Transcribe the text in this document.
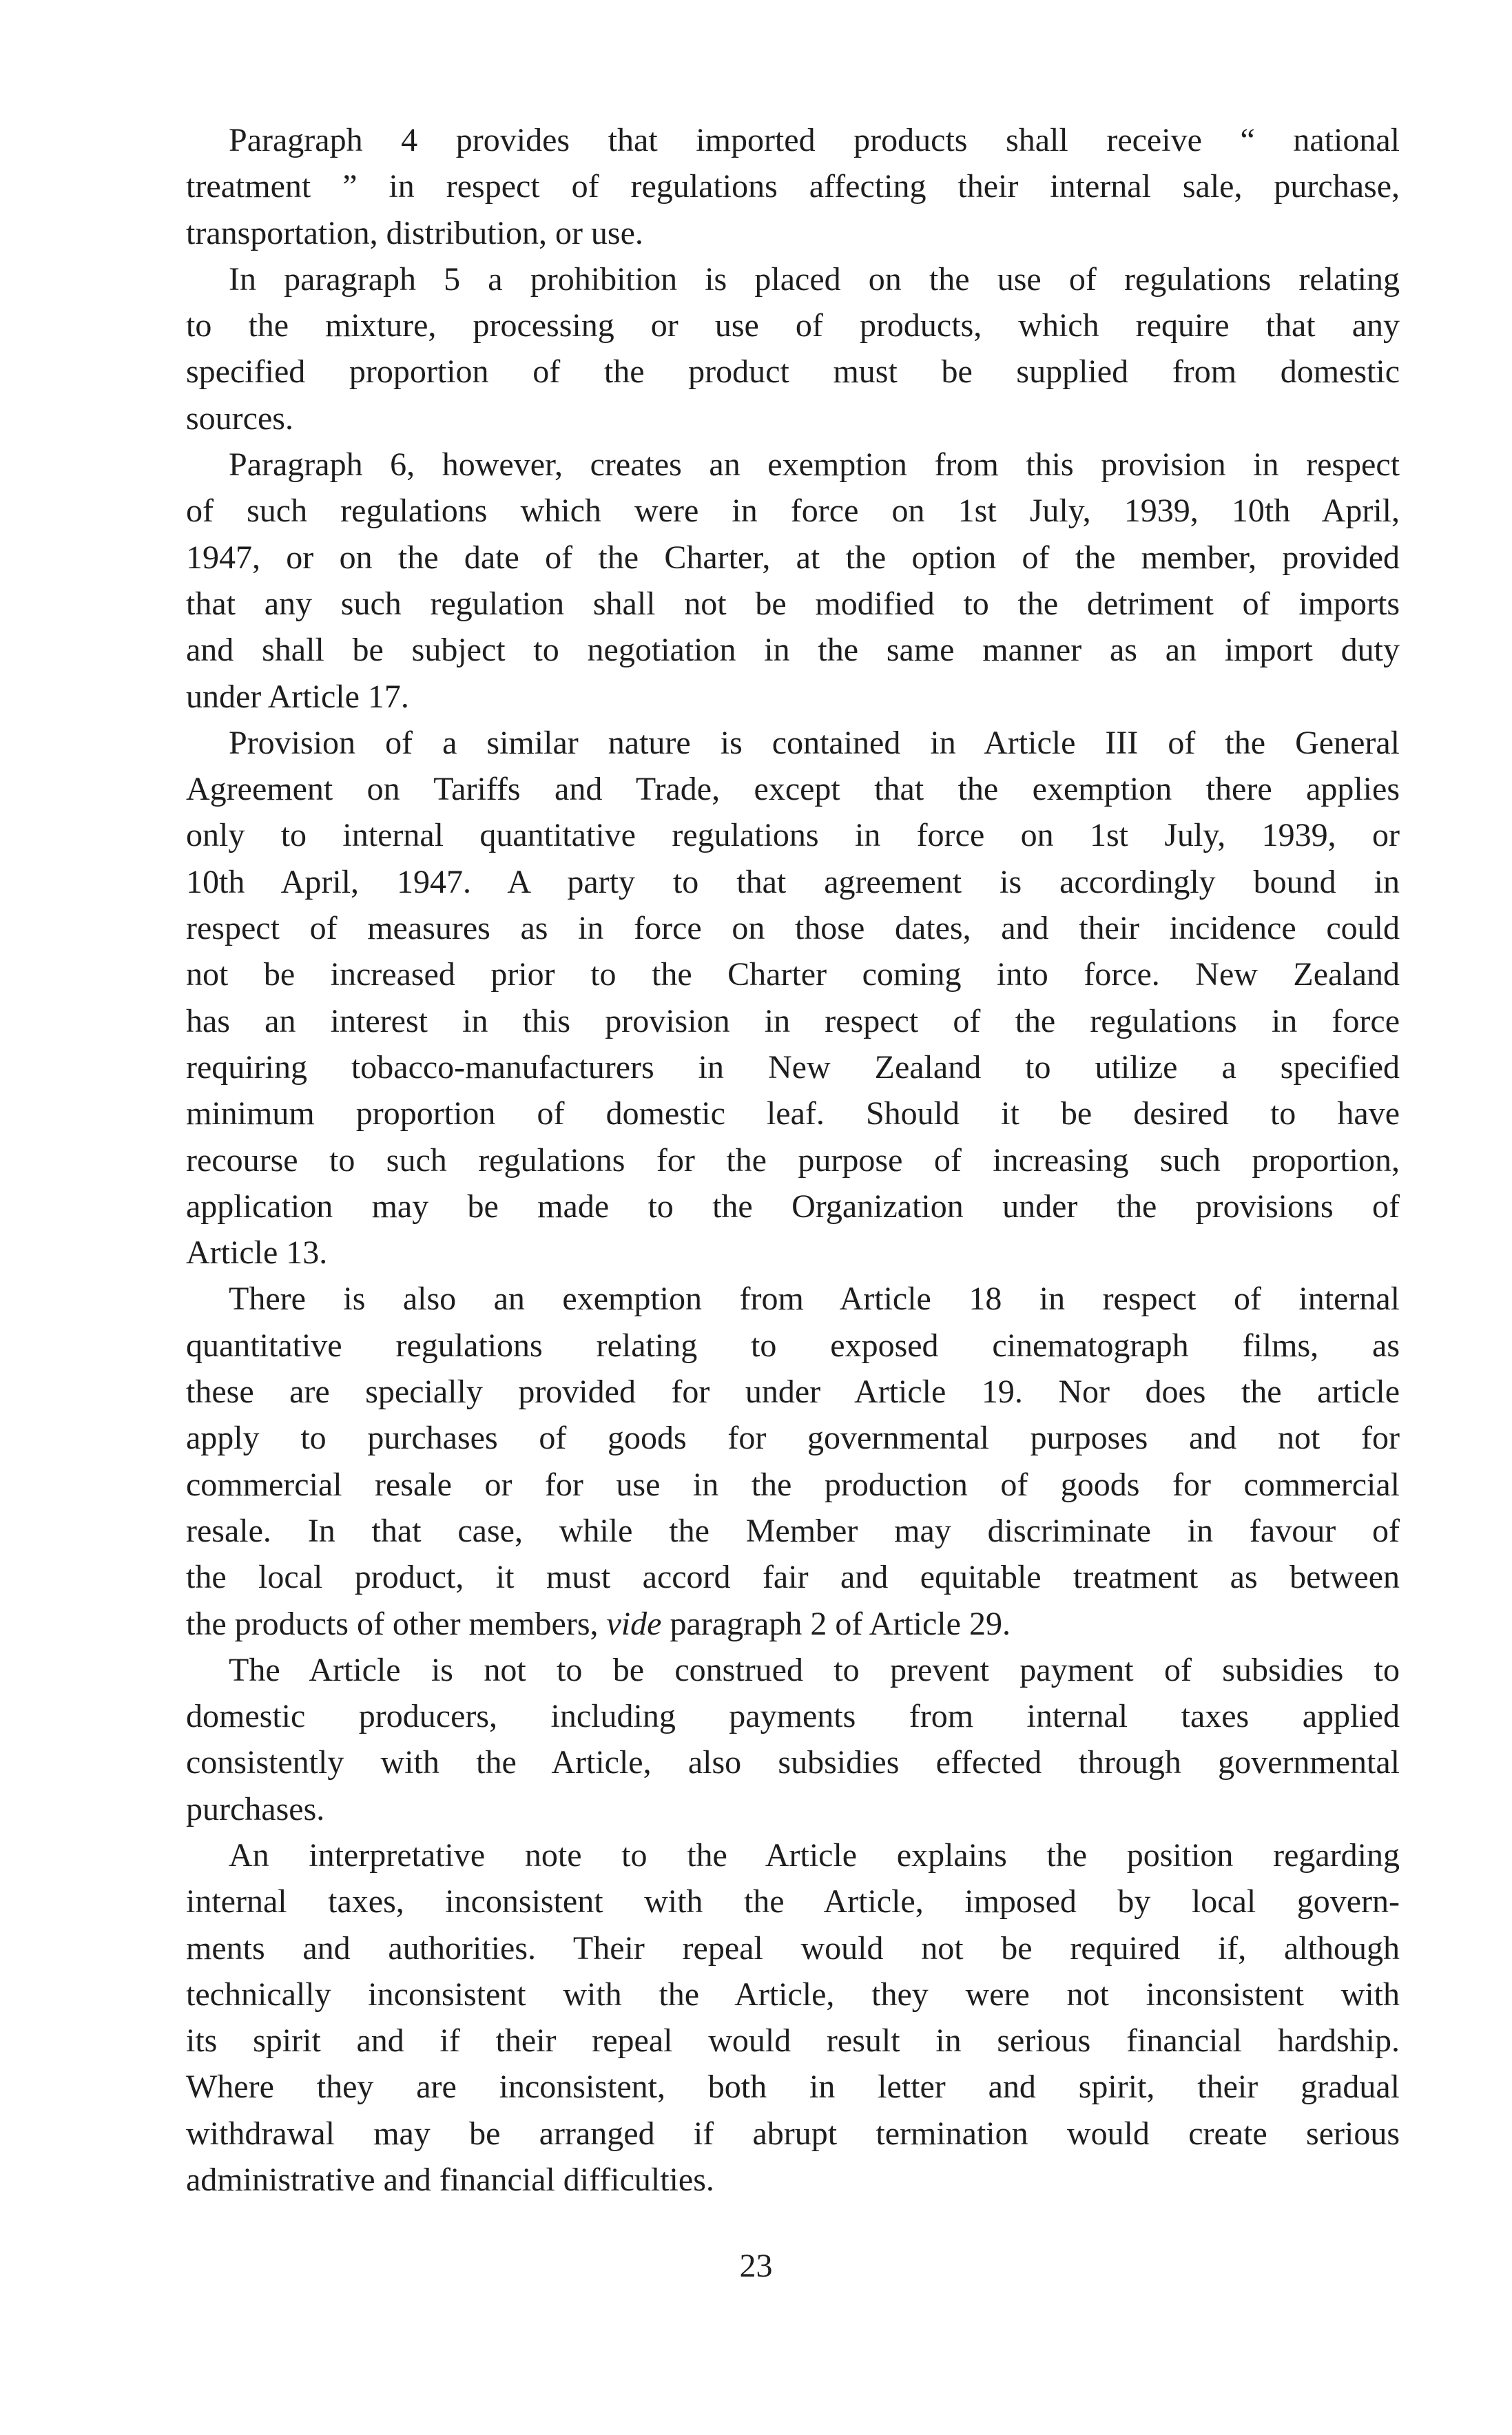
Paragraph 4 provides that imported products shall receive “ national
treatment ” in respect of regulations affecting their internal sale, purchase,
transportation, distribution, or use.
In paragraph 5 a prohibition is placed on the use of regulations relating
to the mixture, processing or use of products, which require that any
specified proportion of the product must be supplied from domestic
sources.
Paragraph 6, however, creates an exemption from this provision in respect
of such regulations which were in force on 1st July, 1939, 10th April,
1947, or on the date of the Charter, at the option of the member, provided
that any such regulation shall not be modified to the detriment of imports
and shall be subject to negotiation in the same manner as an import duty
under Article 17.
Provision of a similar nature is contained in Article III of the General
Agreement on Tariffs and Trade, except that the exemption there applies
only to internal quantitative regulations in force on 1st July, 1939, or
10th April, 1947. A party to that agreement is accordingly bound in
respect of measures as in force on those dates, and their incidence could
not be increased prior to the Charter coming into force. New Zealand
has an interest in this provision in respect of the regulations in force
requiring tobacco-manufacturers in New Zealand to utilize a specified
minimum proportion of domestic leaf. Should it be desired to have
recourse to such regulations for the purpose of increasing such proportion,
application may be made to the Organization under the provisions of
Article 13.
There is also an exemption from Article 18 in respect of internal
quantitative regulations relating to exposed cinematograph films, as
these are specially provided for under Article 19. Nor does the article
apply to purchases of goods for governmental purposes and not for
commercial resale or for use in the production of goods for commercial
resale. In that case, while the Member may discriminate in favour of
the local product, it must accord fair and equitable treatment as between
the products of other members, vide paragraph 2 of Article 29.
The Article is not to be construed to prevent payment of subsidies to
domestic producers, including payments from internal taxes applied
consistently with the Article, also subsidies effected through governmental
purchases.
An interpretative note to the Article explains the position regarding
internal taxes, inconsistent with the Article, imposed by local govern-
ments and authorities. Their repeal would not be required if, although
technically inconsistent with the Article, they were not inconsistent with
its spirit and if their repeal would result in serious financial hardship.
Where they are inconsistent, both in letter and spirit, their gradual
withdrawal may be arranged if abrupt termination would create serious
administrative and financial difficulties.
23
